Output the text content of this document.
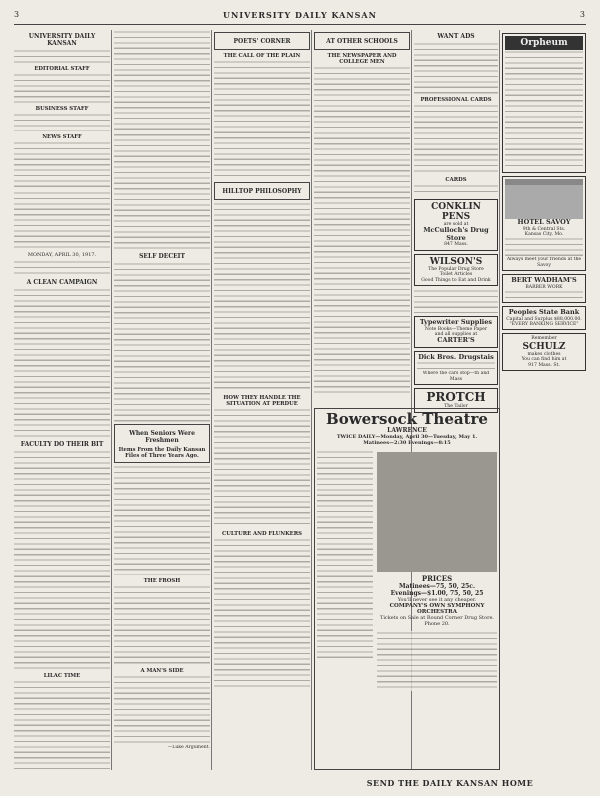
3	UNIVERSITY DAILY KANSAN	3
UNIVERSITY DAILY KANSAN
EDITORIAL STAFF
BUSINESS STAFF
NEWS STAFF
MONDAY, APRIL 30, 1917.
A CLEAN CAMPAIGN
FACULTY DO THEIR BIT
LILAC TIME
SELF DECEIT
When Seniors Were Freshmen
Items From the Daily Kansan Files of Three Years Ago.
THE FROSH
A MAN'S SIDE
—Luke Argument.
POETS' CORNER
THE CALL OF THE PLAIN
HILLTOP PHILOSOPHY
HOW THEY HANDLE THE SITUATION AT PERDUE
CULTURE AND FLUNKERS
AT OTHER SCHOOLS
THE NEWSPAPER AND COLLEGE MEN
WANT ADS
PROFESSIONAL CARDS
CARDS
CONKLIN PENS
are sold at
McCulloch's Drug Store
847 Mass.
WILSON'S
The Popular Drug Store
Toilet Articles
Good Things to Eat and Drink
Typewriter Supplies
Note Books—Theme Paper
and all supplies at
CARTER'S
Dick Bros. Drugstais
Where the cars stop—th and Mass
PROTCH
The Tailor
Orpheum
HOTEL SAVOY
9th & Central Sts.
Kansas City, Mo.
Always meet your friends at the Savoy
BERT WADHAM'S
BARBER WORK
Peoples State Bank
Capital and Surplus $88,000.00.
"EVERY BANKING SERVICE"
Remember
SCHULZ
makes clothes
You can find him at
917 Mass. St.
Bowersock Theatre
LAWRENCE
TWICE DAILY—Monday, April 30—Tuesday, May 1.
Matinees—2:30 Evenings—8:15
PRICES
Matinees—75, 50, 25c.
Evenings—$1.00, 75, 50, 25
You'll never see it any cheaper.
COMPANY'S OWN SYMPHONY ORCHESTRA
Tickets on Sale at Round Corner Drug Store. Phone 20.
SEND THE DAILY KANSAN HOME
